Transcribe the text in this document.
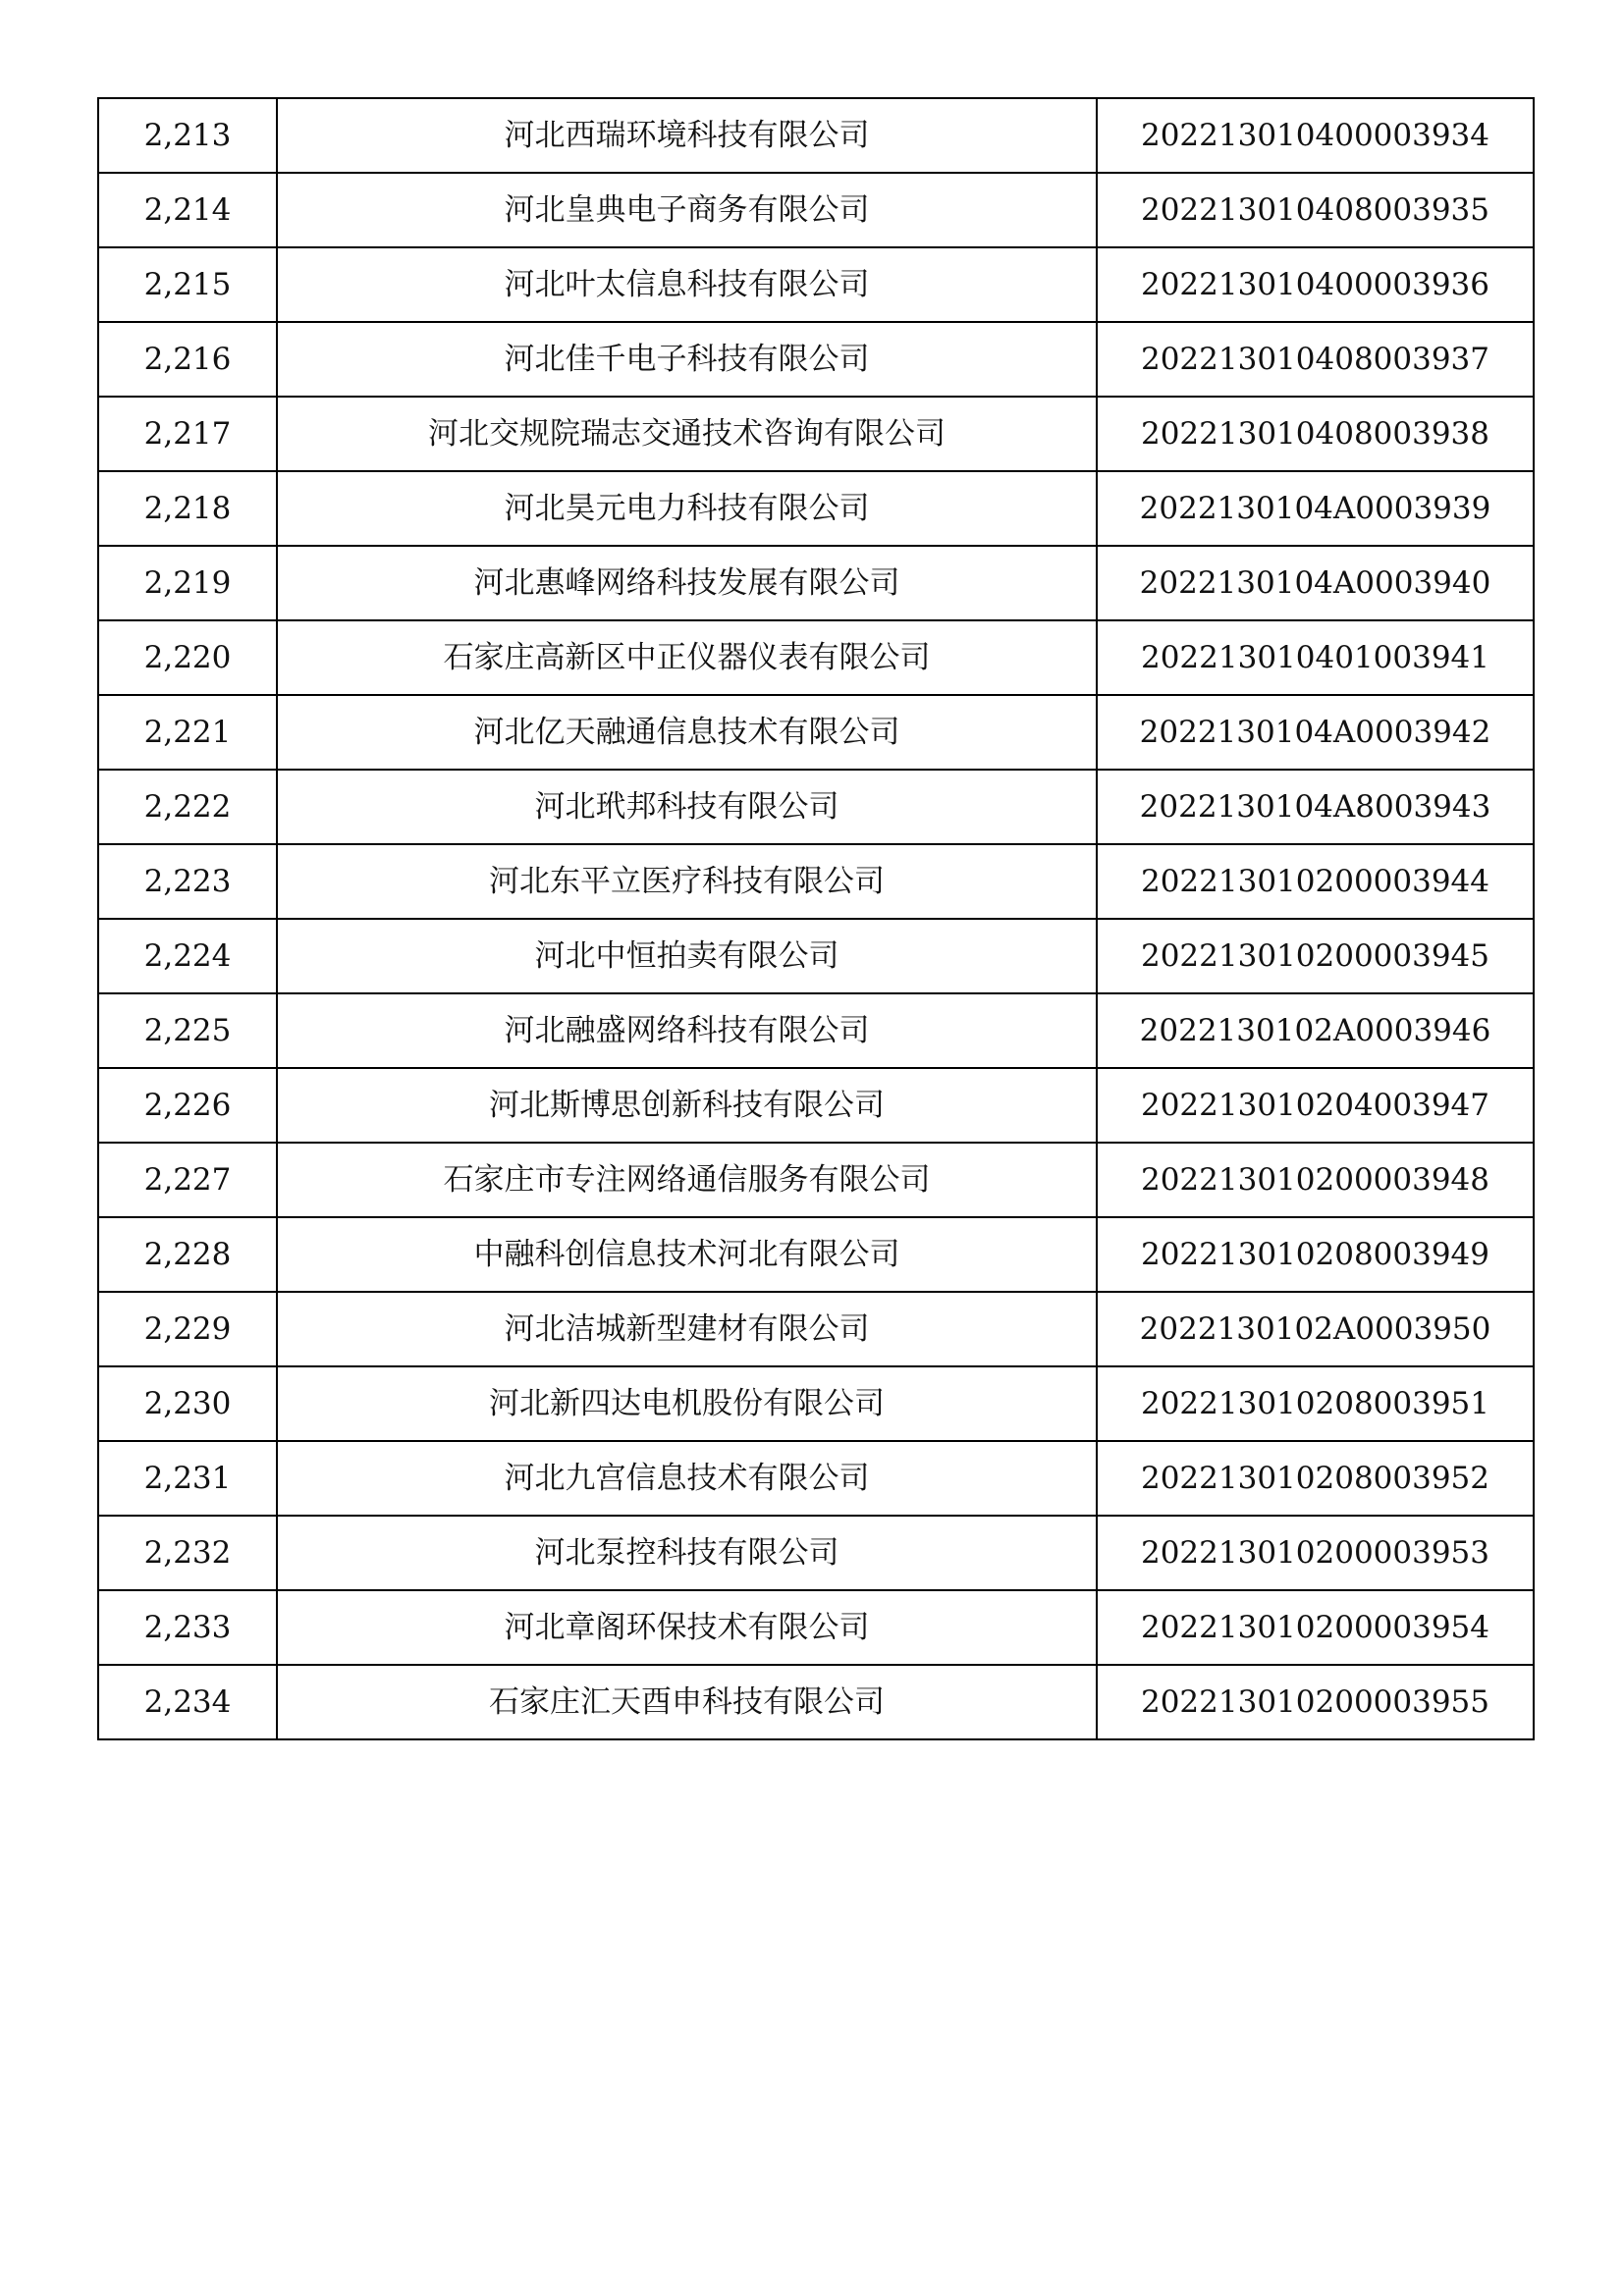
2,213	河北西瑞环境科技有限公司	202213010400003934
2,214	河北皇典电子商务有限公司	202213010408003935
2,215	河北叶太信息科技有限公司	202213010400003936
2,216	河北佳千电子科技有限公司	202213010408003937
2,217	河北交规院瑞志交通技术咨询有限公司	202213010408003938
2,218	河北昊元电力科技有限公司	2022130104A0003939
2,219	河北惠峰网络科技发展有限公司	2022130104A0003940
2,220	石家庄高新区中正仪器仪表有限公司	202213010401003941
2,221	河北亿天融通信息技术有限公司	2022130104A0003942
2,222	河北玳邦科技有限公司	2022130104A8003943
2,223	河北东平立医疗科技有限公司	202213010200003944
2,224	河北中恒拍卖有限公司	202213010200003945
2,225	河北融盛网络科技有限公司	2022130102A0003946
2,226	河北斯博思创新科技有限公司	202213010204003947
2,227	石家庄市专注网络通信服务有限公司	202213010200003948
2,228	中融科创信息技术河北有限公司	202213010208003949
2,229	河北洁城新型建材有限公司	2022130102A0003950
2,230	河北新四达电机股份有限公司	202213010208003951
2,231	河北九宫信息技术有限公司	202213010208003952
2,232	河北泵控科技有限公司	202213010200003953
2,233	河北章阁环保技术有限公司	202213010200003954
2,234	石家庄汇天酉申科技有限公司	202213010200003955
